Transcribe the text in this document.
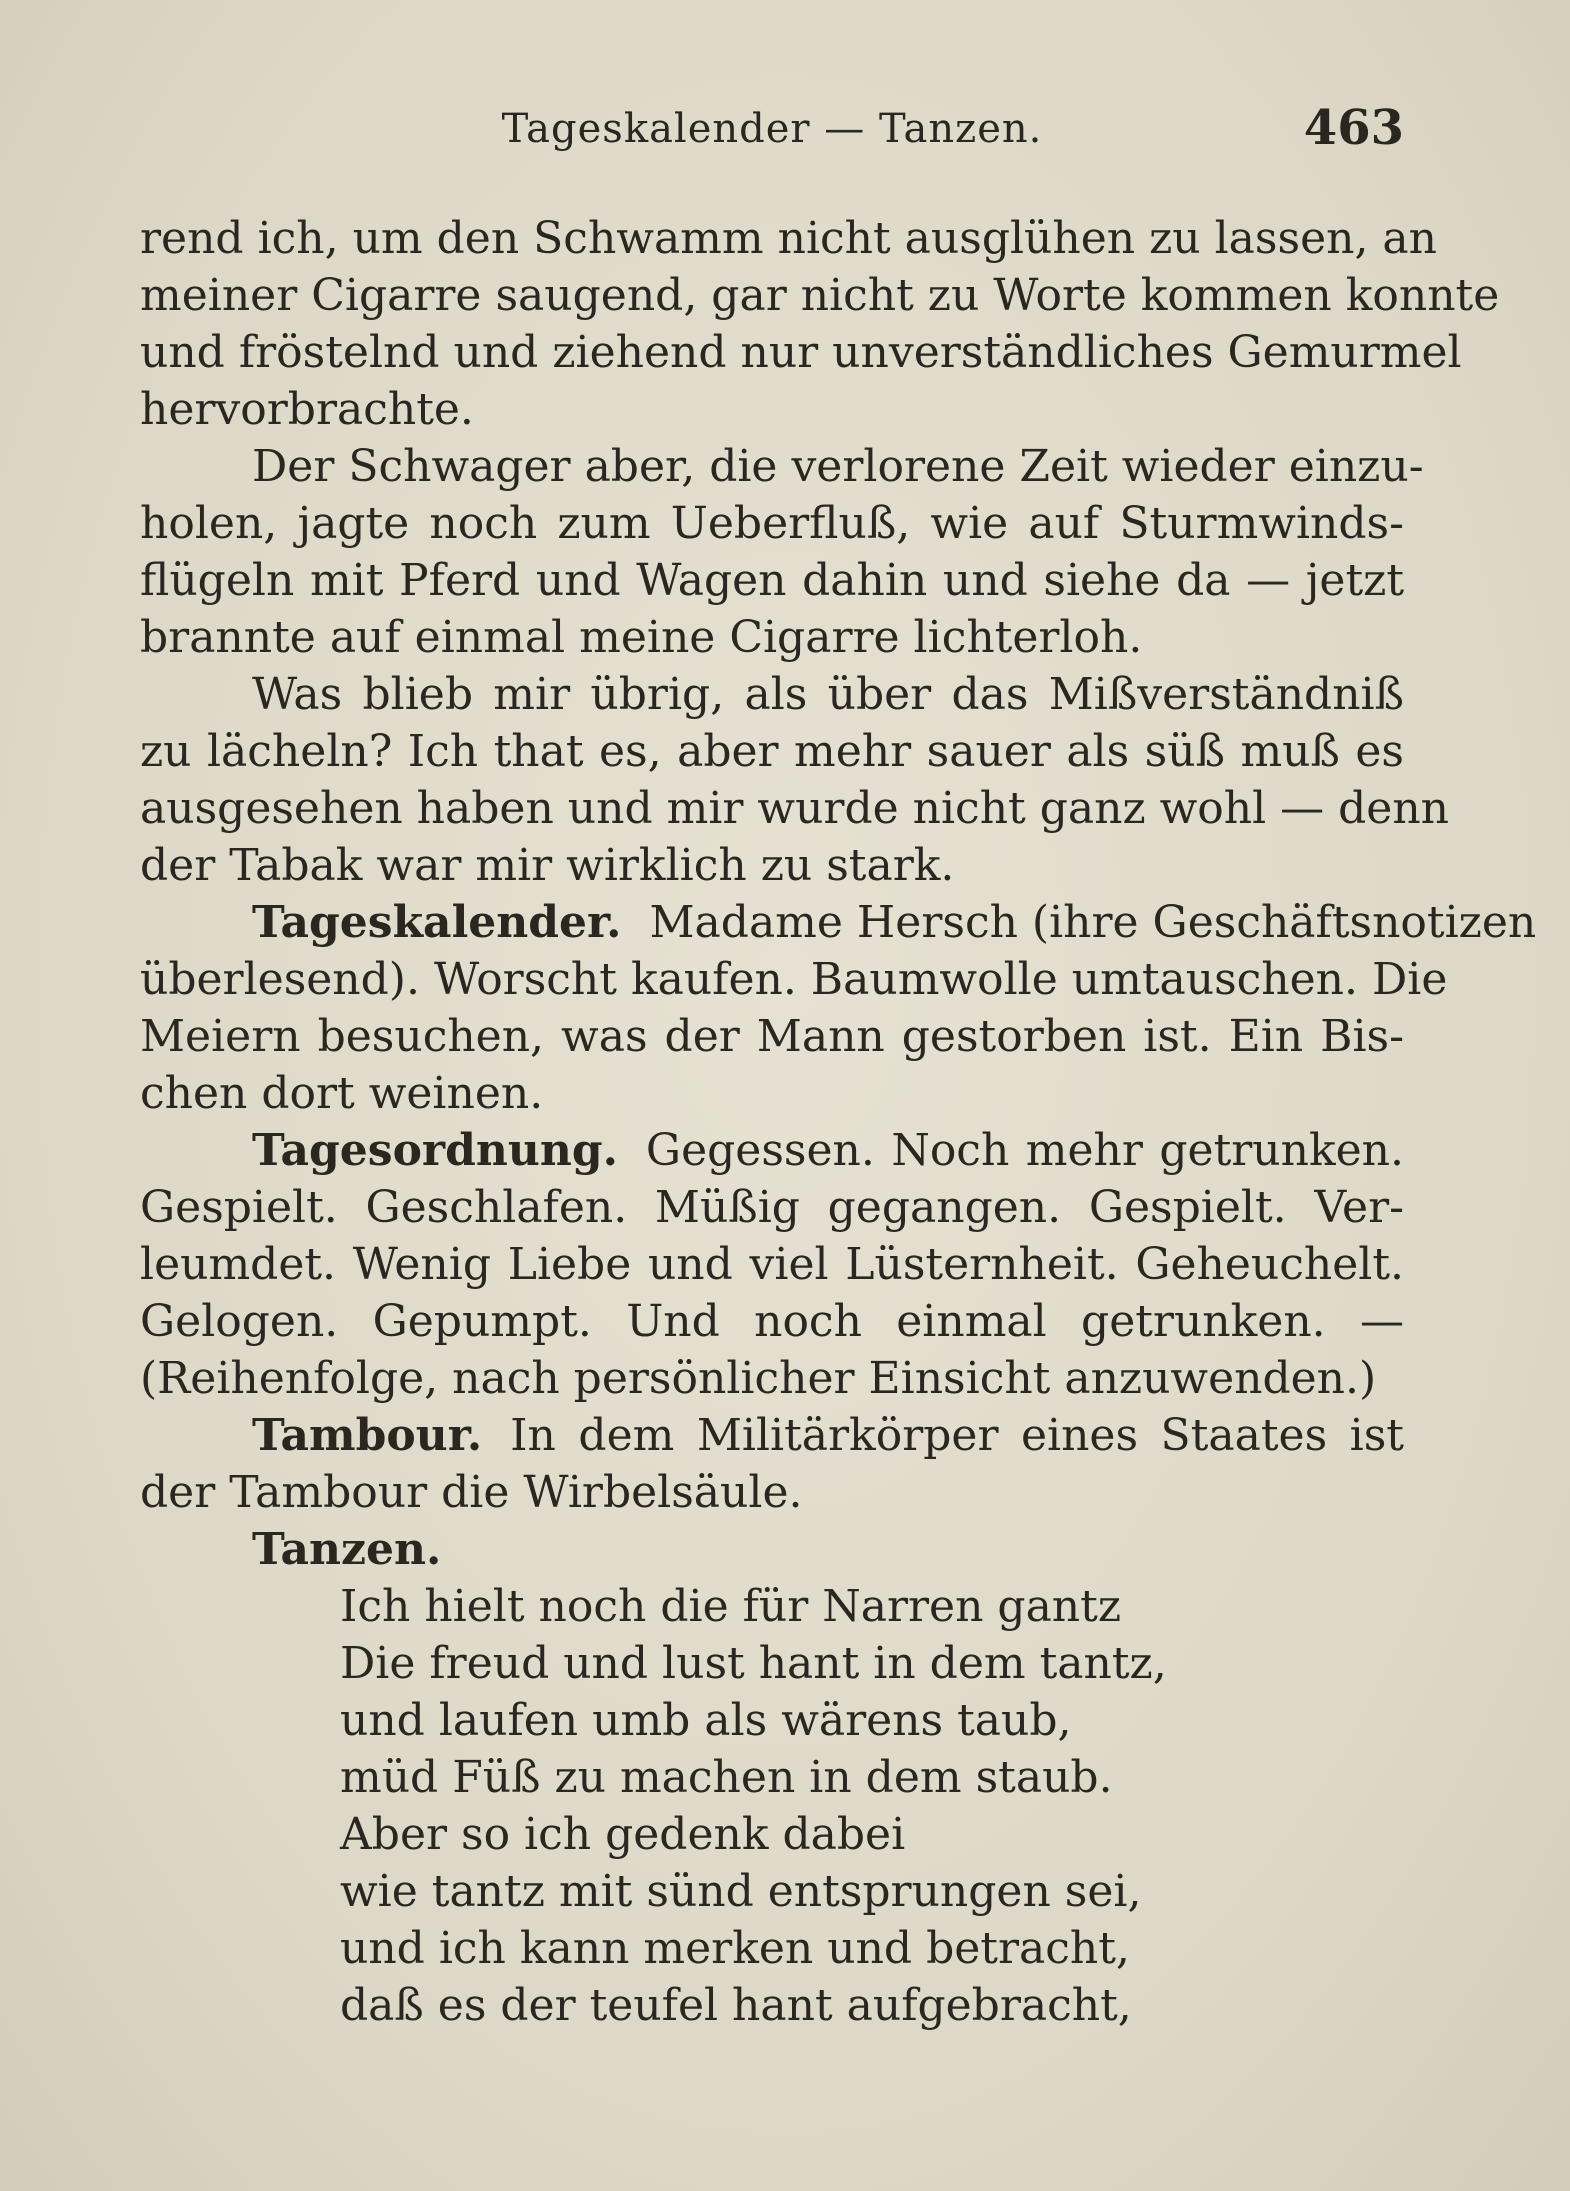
Tageskalender — Tanzen.	463
rend ich, um den Schwamm nicht ausglühen zu lassen, an
meiner Cigarre saugend, gar nicht zu Worte kommen konnte
und fröstelnd und ziehend nur unverständliches Gemurmel
hervorbrachte.
Der Schwager aber, die verlorene Zeit wieder einzu-
holen, jagte noch zum Ueberfluß, wie auf Sturmwinds-
flügeln mit Pferd und Wagen dahin und siehe da — jetzt
brannte auf einmal meine Cigarre lichterloh.
Was blieb mir übrig, als über das Mißverständniß
zu lächeln? Ich that es, aber mehr sauer als süß muß es
ausgesehen haben und mir wurde nicht ganz wohl — denn
der Tabak war mir wirklich zu stark.
Tageskalender. Madame Hersch (ihre Geschäftsnotizen
überlesend). Worscht kaufen. Baumwolle umtauschen. Die
Meiern besuchen, was der Mann gestorben ist. Ein Bis-
chen dort weinen.
Tagesordnung. Gegessen. Noch mehr getrunken.
Gespielt. Geschlafen. Müßig gegangen. Gespielt. Ver-
leumdet. Wenig Liebe und viel Lüsternheit. Geheuchelt.
Gelogen. Gepumpt. Und noch einmal getrunken. —
(Reihenfolge, nach persönlicher Einsicht anzuwenden.)
Tambour. In dem Militärkörper eines Staates ist
der Tambour die Wirbelsäule.
Tanzen.
Ich hielt noch die für Narren gantz
Die freud und lust hant in dem tantz,
und laufen umb als wärens taub,
müd Füß zu machen in dem staub.
Aber so ich gedenk dabei
wie tantz mit sünd entsprungen sei,
und ich kann merken und betracht,
daß es der teufel hant aufgebracht,
